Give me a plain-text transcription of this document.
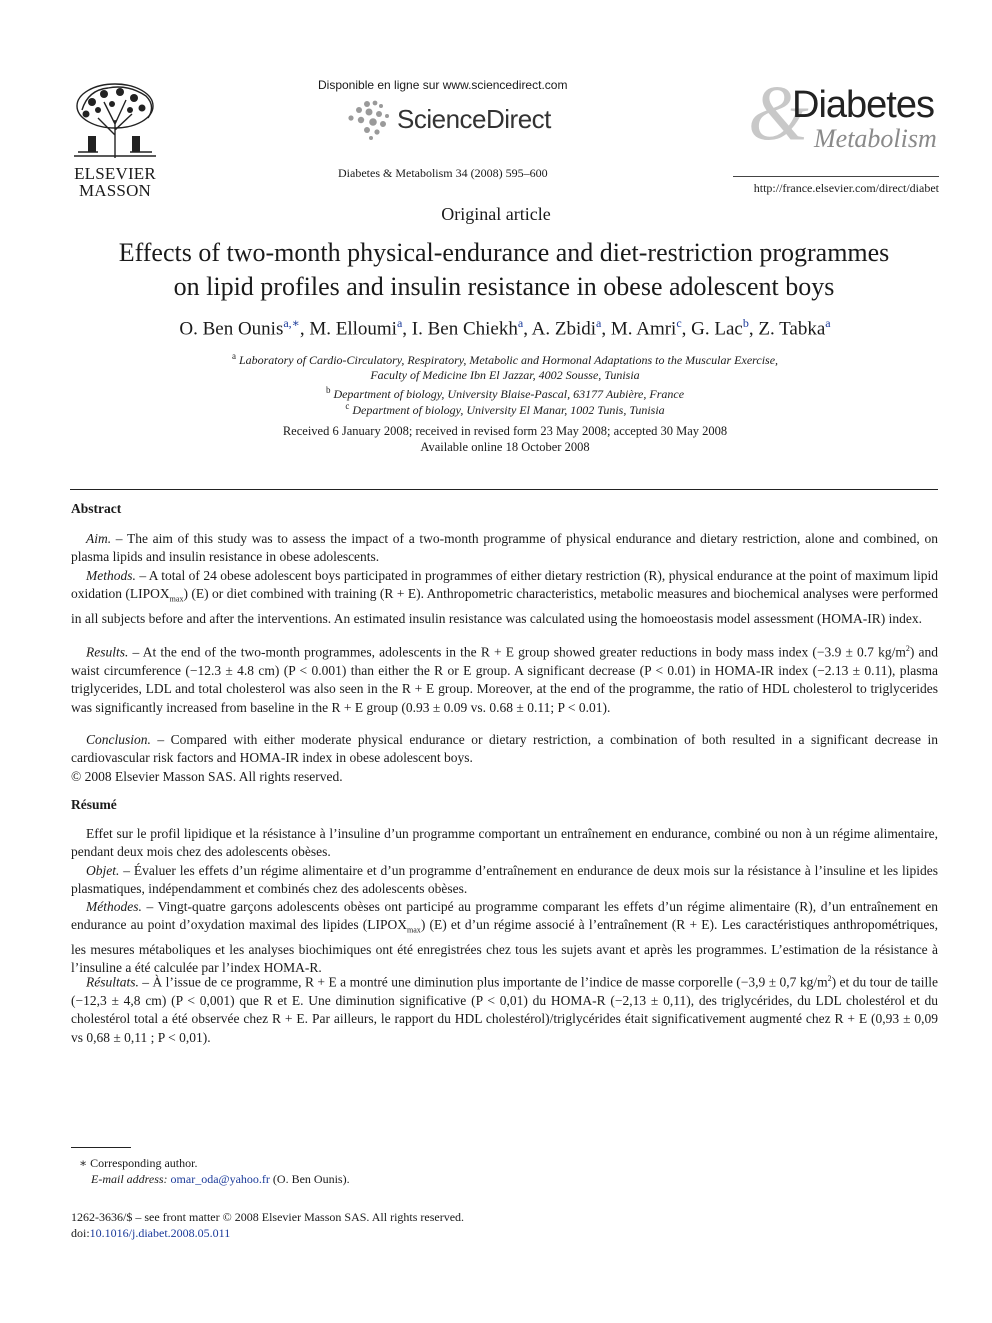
ELSEVIER
MASSON
Disponible en ligne sur www.sciencedirect.com
ScienceDirect
Diabetes & Metabolism 34 (2008) 595–600
&
Diabetes
Metabolism
http://france.elsevier.com/direct/diabet
Original article
Effects of two-month physical-endurance and diet-restriction programmes
on lipid profiles and insulin resistance in obese adolescent boys
O. Ben Ounis$^{a,∗}$, M. Elloumi$^a$, I. Ben Chiekh$^a$, A. Zbidi$^a$, M. Amri$^c$, G. Lac$^b$, Z. Tabka$^a$
$^a$ Laboratory of Cardio-Circulatory, Respiratory, Metabolic and Hormonal Adaptations to the Muscular Exercise,
Faculty of Medicine Ibn El Jazzar, 4002 Sousse, Tunisia
$^b$ Department of biology, University Blaise-Pascal, 63177 Aubière, France
$^c$ Department of biology, University El Manar, 1002 Tunis, Tunisia
Received 6 January 2008; received in revised form 23 May 2008; accepted 30 May 2008
Available online 18 October 2008
Abstract
Aim. – The aim of this study was to assess the impact of a two-month programme of physical endurance and dietary restriction, alone and combined, on plasma lipids and insulin resistance in obese adolescents.
Methods. – A total of 24 obese adolescent boys participated in programmes of either dietary restriction (R), physical endurance at the point of maximum lipid oxidation $(LIPOX_{max})$ (E) or diet combined with training (R + E). Anthropometric characteristics, metabolic measures and biochemical analyses were performed in all subjects before and after the interventions. An estimated insulin resistance was calculated using the homoeostasis model assessment (HOMA-IR) index.
Results. – At the end of the two-month programmes, adolescents in the R + E group showed greater reductions in body mass index (−3.9 ± 0.7 $kg/m^2$) and waist circumference (−12.3 ± 4.8 cm) (P < 0.001) than either the R or E group. A significant decrease (P < 0.01) in HOMA-IR index (−2.13 ± 0.11), plasma triglycerides, LDL and total cholesterol was also seen in the R + E group. Moreover, at the end of the programme, the ratio of HDL cholesterol to triglycerides was significantly increased from baseline in the R + E group (0.93 ± 0.09 vs. 0.68 ± 0.11; P < 0.01).
Conclusion. – Compared with either moderate physical endurance or dietary restriction, a combination of both resulted in a significant decrease in cardiovascular risk factors and HOMA-IR index in obese adolescent boys.
© 2008 Elsevier Masson SAS. All rights reserved.
Résumé
Effet sur le profil lipidique et la résistance à l’insuline d’un programme comportant un entraînement en endurance, combiné ou non à un régime alimentaire, pendant deux mois chez des adolescents obèses.
Objet. – Évaluer les effets d’un régime alimentaire et d’un programme d’entraînement en endurance de deux mois sur la résistance à l’insuline et les lipides plasmatiques, indépendamment et combinés chez des adolescents obèses.
Méthodes. – Vingt-quatre garçons adolescents obèses ont participé au programme comparant les effets d’un régime alimentaire (R), d’un entraînement en endurance au point d’oxydation maximal des lipides $(LIPOX_{max})$ (E) et d’un régime associé à l’entraînement (R + E). Les caractéristiques anthropométriques, les mesures métaboliques et les analyses biochimiques ont été enregistrées chez tous les sujets avant et après les programmes. L’estimation de la résistance à l’insuline a été calculée par l’index HOMA-R.
Résultats. – À l’issue de ce programme, R + E a montré une diminution plus importante de l’indice de masse corporelle (−3,9 ± 0,7 $kg/m^2$) et du tour de taille (−12,3 ± 4,8 cm) (P < 0,001) que R et E. Une diminution significative (P < 0,01) du HOMA-R (−2,13 ± 0,11), des triglycérides, du LDL cholestérol et du cholestérol total a été observée chez R + E. Par ailleurs, le rapport du HDL cholestérol)/triglycérides était significativement augmenté chez R + E (0,93 ± 0,09 vs 0,68 ± 0,11 ; P < 0,01).
∗ Corresponding author.
E-mail address: omar_oda@yahoo.fr (O. Ben Ounis).
1262-3636/$ – see front matter © 2008 Elsevier Masson SAS. All rights reserved.
doi:10.1016/j.diabet.2008.05.011
